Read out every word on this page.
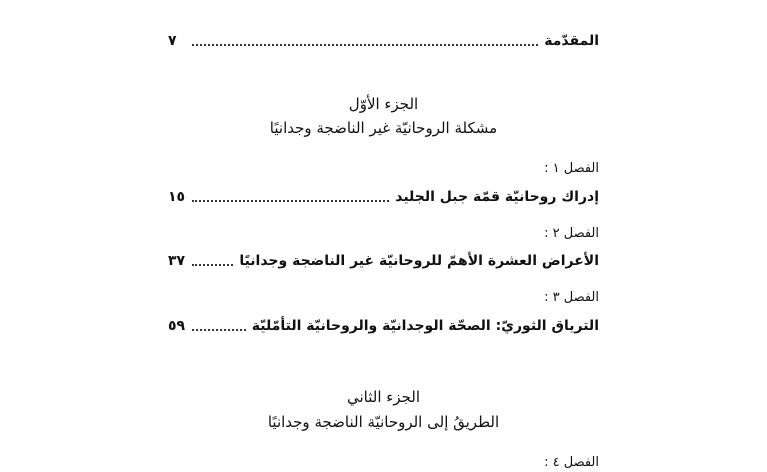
المقدّمة
٧
الجزء الأوّل
مشكلة الروحانيّة غير الناضجة وجدانيًا
الفصل ١ :
إدراك روحانيّة قمّة جبل الجليد
١٥
الفصل ٢ :
الأعراض العشرة الأهمّ للروحانيّة غير الناضجة وجدانيًا
٣٧
الفصل ٣ :
الترياق الثوريّ: الصحّة الوجدانيّة والروحانيّة التأمّليّة
٥٩
الجزء الثاني
الطريقُ إلى الروحانيّة الناضجة وجدانيًا
الفصل ٤ :
